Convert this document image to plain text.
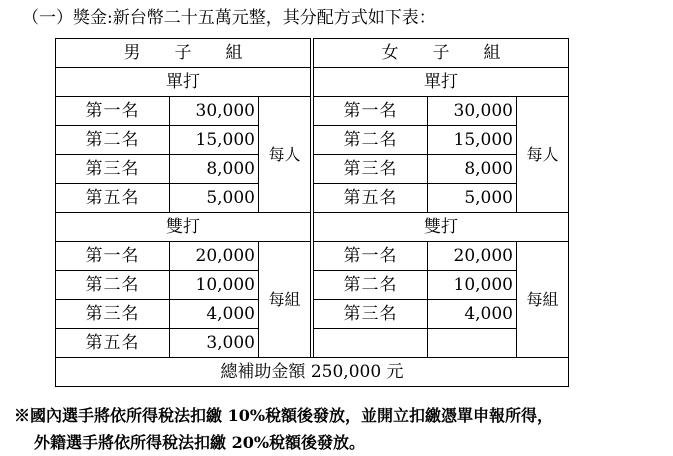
（一）獎金:新台幣二十五萬元整，其分配方式如下表：
男　　子　　組				女　　子　　組		
單打				單打		
第一名	30,000	每人		第一名	30,000	每人
第二名	15,000			第二名	15,000	
第三名	8,000			第三名	8,000	
第五名	5,000			第五名	5,000	
雙打				雙打		
第一名	20,000	每組		第一名	20,000	每組
第二名	10,000			第二名	10,000	
第三名	4,000			第三名	4,000	
第五名	3,000					
總補助金額 250,000 元						
※國內選手將依所得稅法扣繳 10%稅額後發放，並開立扣繳憑單申報所得，
外籍選手將依所得稅法扣繳 20%稅額後發放。
